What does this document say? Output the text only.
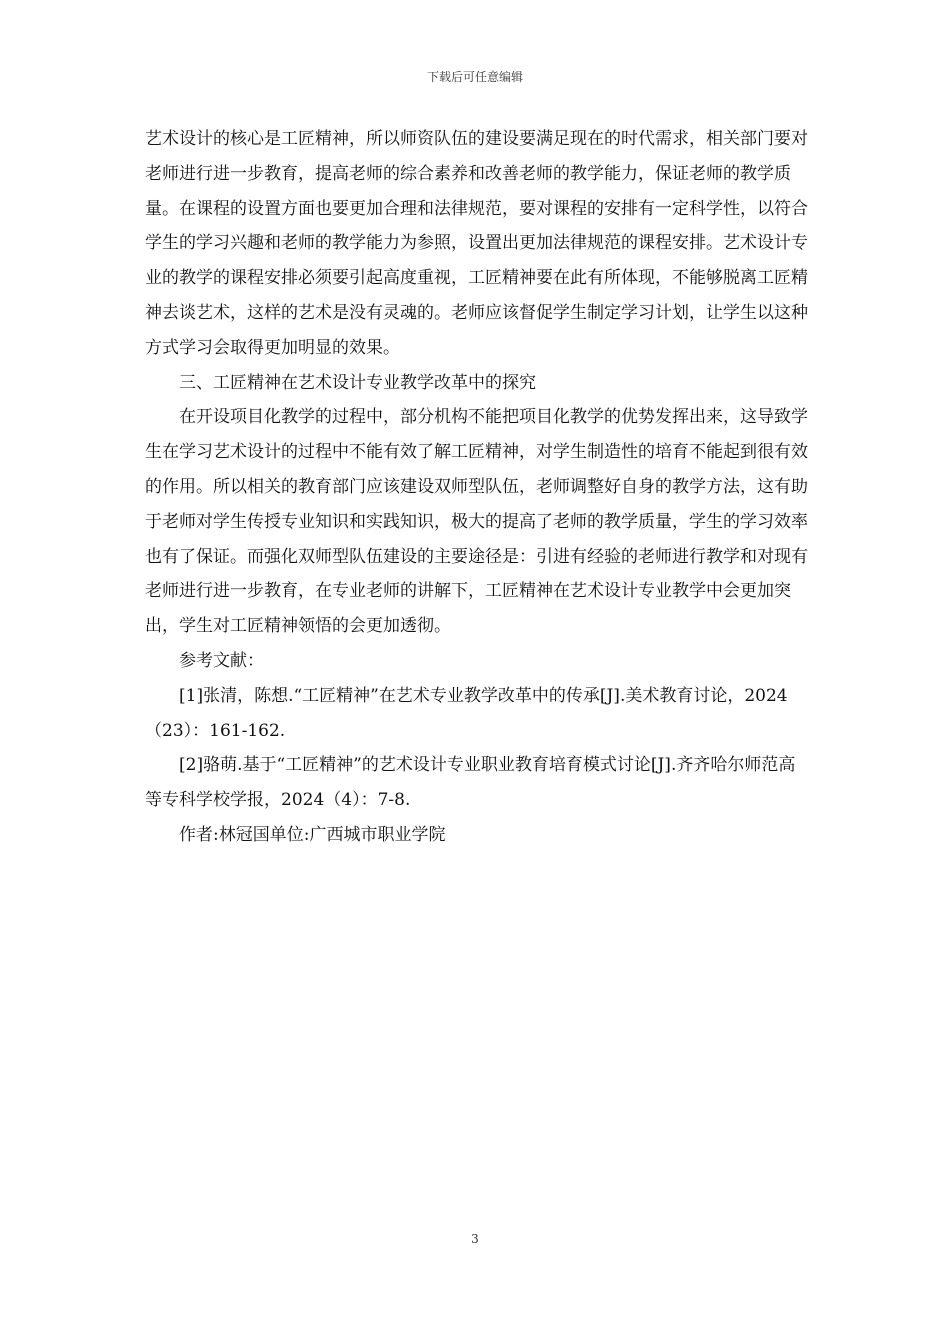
下载后可任意编辑

艺术设计的核心是工匠精神，所以师资队伍的建设要满足现在的时代需求，相关部门要对老师进行进一步教育，提高老师的综合素养和改善老师的教学能力，保证老师的教学质量。在课程的设置方面也要更加合理和法律规范，要对课程的安排有一定科学性，以符合学生的学习兴趣和老师的教学能力为参照，设置出更加法律规范的课程安排。艺术设计专业的教学的课程安排必须要引起高度重视，工匠精神要在此有所体现，不能够脱离工匠精神去谈艺术，这样的艺术是没有灵魂的。老师应该督促学生制定学习计划，让学生以这种方式学习会取得更加明显的效果。

三、工匠精神在艺术设计专业教学改革中的探究

在开设项目化教学的过程中，部分机构不能把项目化教学的优势发挥出来，这导致学生在学习艺术设计的过程中不能有效了解工匠精神，对学生制造性的培育不能起到很有效的作用。所以相关的教育部门应该建设双师型队伍，老师调整好自身的教学方法，这有助于老师对学生传授专业知识和实践知识，极大的提高了老师的教学质量，学生的学习效率也有了保证。而强化双师型队伍建设的主要途径是：引进有经验的老师进行教学和对现有老师进行进一步教育，在专业老师的讲解下，工匠精神在艺术设计专业教学中会更加突出，学生对工匠精神领悟的会更加透彻。

参考文献：

[1]张清，陈想.“工匠精神”在艺术专业教学改革中的传承[J].美术教育讨论，2024（23）：161-162.

[2]骆萌.基于“工匠精神”的艺术设计专业职业教育培育模式讨论[J].齐齐哈尔师范高等专科学校学报，2024（4）：7-8.

作者:林冠国单位:广西城市职业学院

3
